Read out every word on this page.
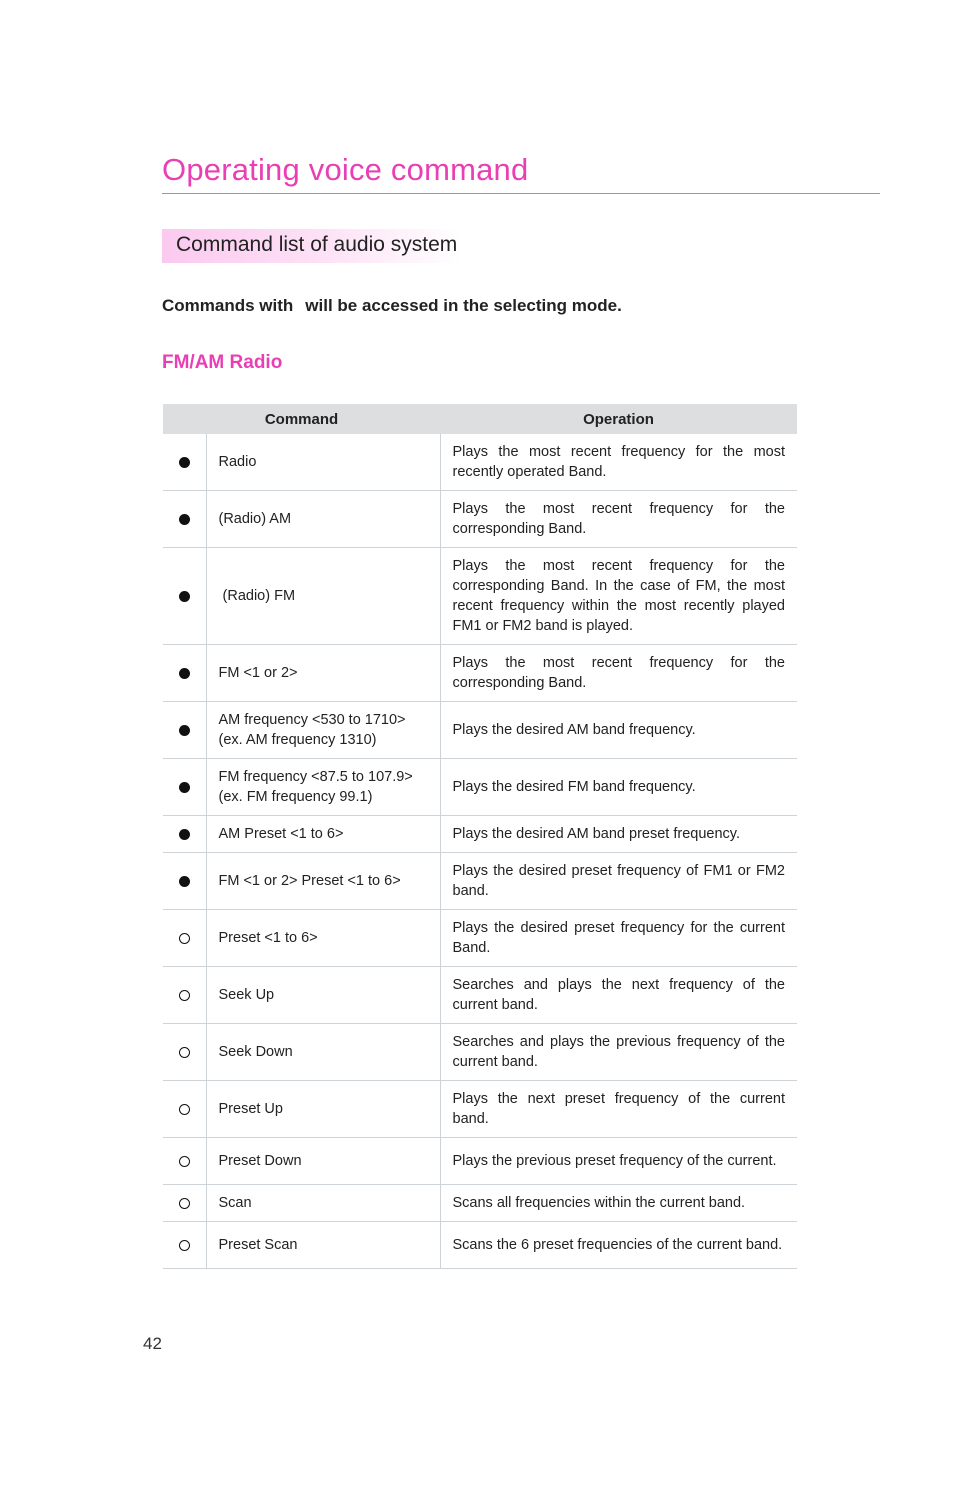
Operating voice command
Command list of audio system
Commands with will be accessed in the selecting mode.
FM/AM Radio
Command		Operation
	Radio	Plays the most recent frequency for the most recently operated Band.
	(Radio) AM	Plays the most recent frequency for the corresponding Band.
	(Radio) FM	Plays the most recent frequency for the corresponding Band. In the case of FM, the most recent frequency within the most recently played FM1 or FM2 band is played.
	FM <1 or 2>	Plays the most recent frequency for the corresponding Band.
	AM frequency <530 to 1710> (ex. AM frequency 1310)	Plays the desired AM band frequency.
	FM frequency <87.5 to 107.9> (ex. FM frequency 99.1)	Plays the desired FM band frequency.
	AM Preset <1 to 6>	Plays the desired AM band preset frequency.
	FM <1 or 2> Preset <1 to 6>	Plays the desired preset frequency of FM1 or FM2 band.
	Preset <1 to 6>	Plays the desired preset frequency for the current Band.
	Seek Up	Searches and plays the next frequency of the current band.
	Seek Down	Searches and plays the previous frequency of the current band.
	Preset Up	Plays the next preset frequency of the current band.
	Preset Down	Plays the previous preset frequency of the current.
	Scan	Scans all frequencies within the current band.
	Preset Scan	Scans the 6 preset frequencies of the current band.
42
